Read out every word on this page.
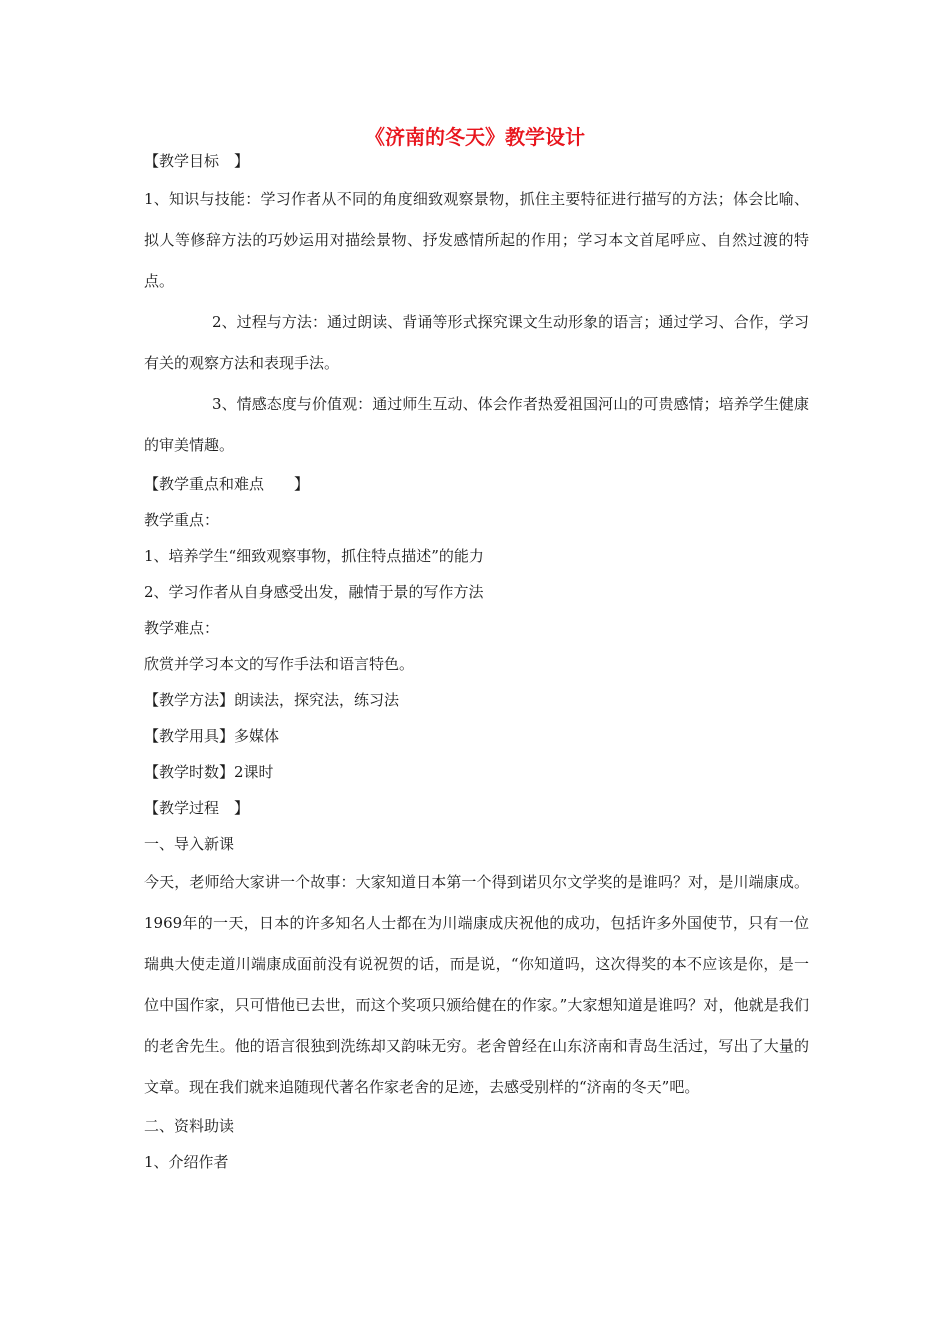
《济南的冬天》教学设计
【教学目标　】
1、知识与技能：学习作者从不同的角度细致观察景物，抓住主要特征进行描写的方法；体会比喻、拟人等修辞方法的巧妙运用对描绘景物、抒发感情所起的作用；学习本文首尾呼应、自然过渡的特点。
2、过程与方法：通过朗读、背诵等形式探究课文生动形象的语言；通过学习、合作，学习有关的观察方法和表现手法。
3、情感态度与价值观：通过师生互动、体会作者热爱祖国河山的可贵感情；培养学生健康的审美情趣。
【教学重点和难点　　】
教学重点：
1、培养学生“细致观察事物，抓住特点描述”的能力
2、学习作者从自身感受出发，融情于景的写作方法
教学难点：
欣赏并学习本文的写作手法和语言特色。
【教学方法】朗读法，探究法，练习法
【教学用具】多媒体
【教学时数】2课时
【教学过程　】
一、导入新课
今天，老师给大家讲一个故事：大家知道日本第一个得到诺贝尔文学奖的是谁吗？对，是川端康成。1969年的一天，日本的许多知名人士都在为川端康成庆祝他的成功，包括许多外国使节，只有一位瑞典大使走道川端康成面前没有说祝贺的话，而是说，“你知道吗，这次得奖的本不应该是你，是一位中国作家，只可惜他已去世，而这个奖项只颁给健在的作家。”大家想知道是谁吗？对，他就是我们的老舍先生。他的语言很独到洗练却又韵味无穷。老舍曾经在山东济南和青岛生活过，写出了大量的文章。现在我们就来追随现代著名作家老舍的足迹，去感受别样的“济南的冬天”吧。
二、资料助读
1、介绍作者
